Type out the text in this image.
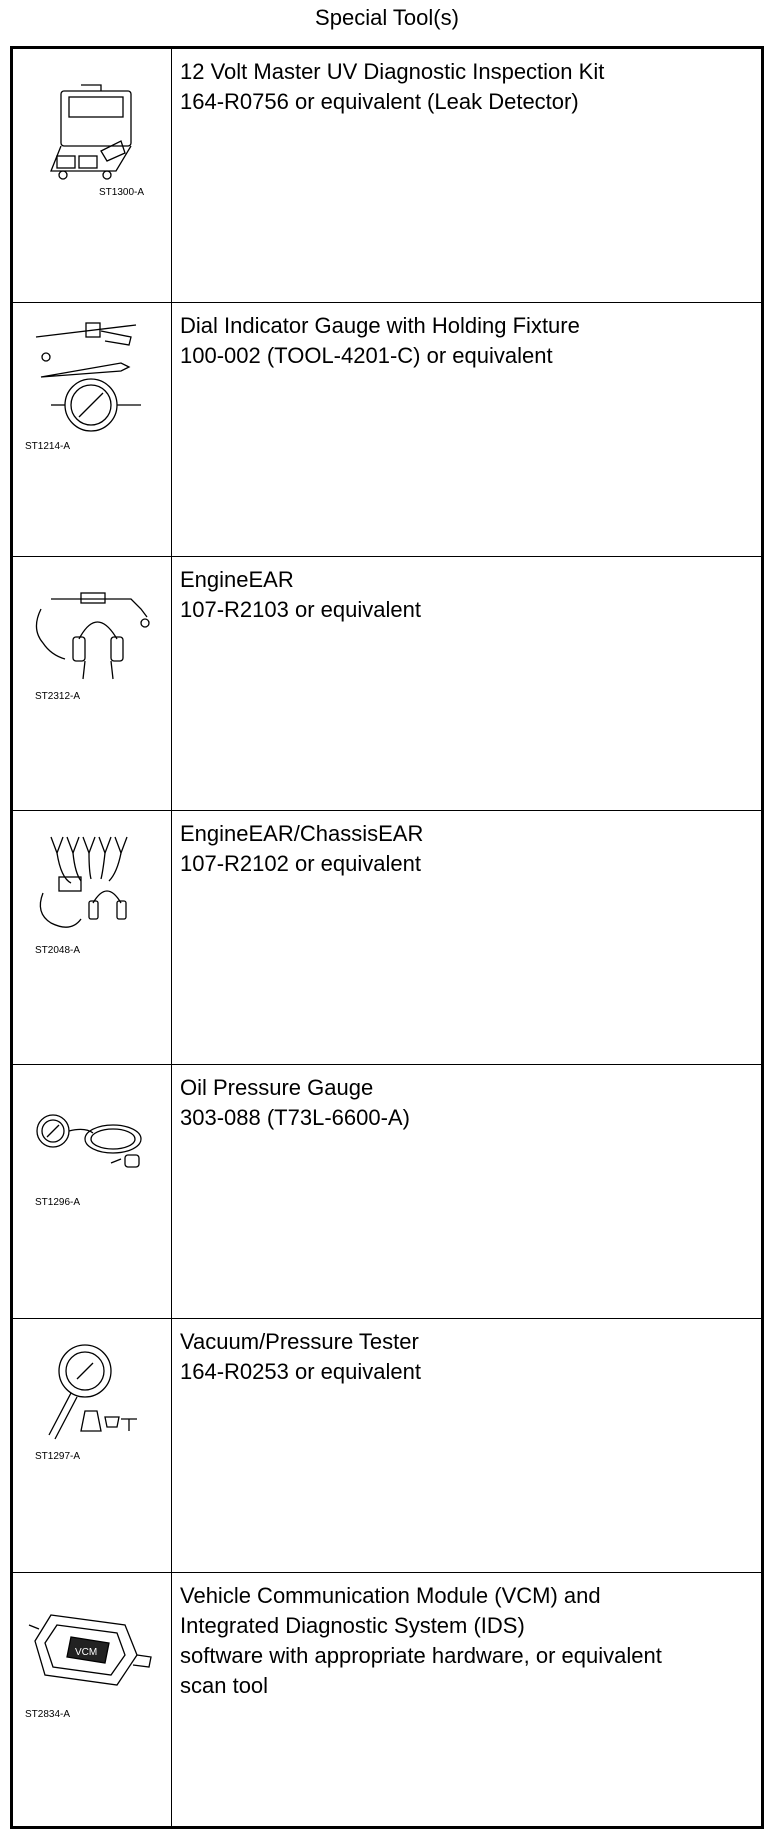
Special Tool(s)
ST1300-A	12 Volt Master UV Diagnostic Inspection Kit
164-R0756 or equivalent (Leak Detector)

ST1214-A	Dial Indicator Gauge with Holding Fixture
100-002 (TOOL-4201-C) or equivalent

ST2312-A	EngineEAR
107-R2103 or equivalent

ST2048-A	EngineEAR/ChassisEAR
107-R2102 or equivalent

ST1296-A	Oil Pressure Gauge
303-088 (T73L-6600-A)

ST1297-A	Vacuum/Pressure Tester
164-R0253 or equivalent

VCM
ST2834-A	Vehicle Communication Module (VCM) and
Integrated Diagnostic System (IDS)
software with appropriate hardware, or equivalent
scan tool
